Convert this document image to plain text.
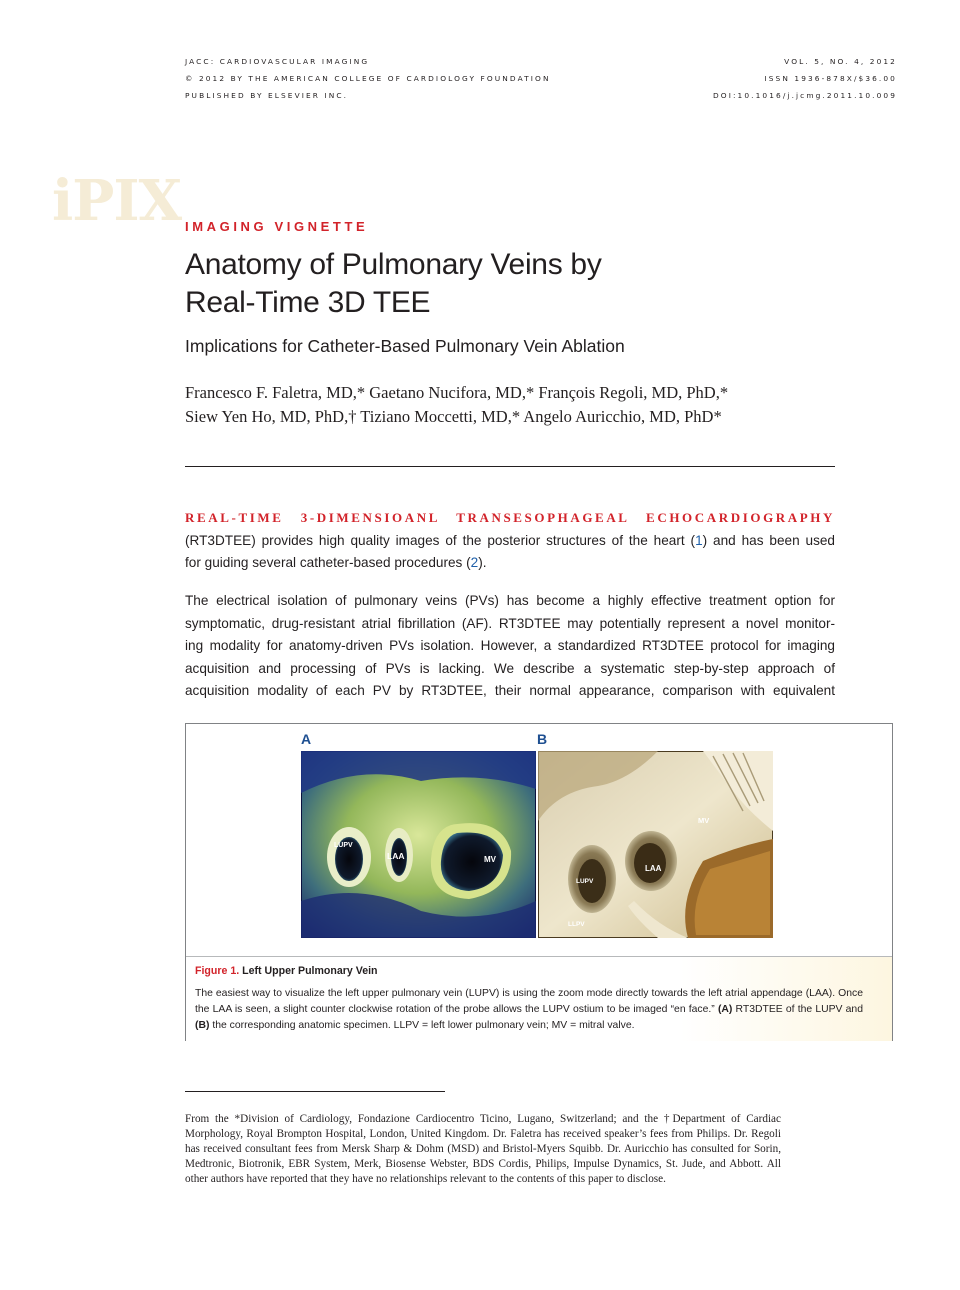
JACC: CARDIOVASCULAR IMAGING
© 2012 BY THE AMERICAN COLLEGE OF CARDIOLOGY FOUNDATION
PUBLISHED BY ELSEVIER INC.
VOL. 5, NO. 4, 2012
ISSN 1936-878X/$36.00
DOI:10.1016/j.jcmg.2011.10.009
iPIX IMAGING VIGNETTE
Anatomy of Pulmonary Veins by
Real-Time 3D TEE
Implications for Catheter-Based Pulmonary Vein Ablation
Francesco F. Faletra, MD,* Gaetano Nucifora, MD,* François Regoli, MD, PhD,*
Siew Yen Ho, MD, PhD,† Tiziano Moccetti, MD,* Angelo Auricchio, MD, PhD*
REAL-TIME 3-DIMENSIOANL TRANSESOPHAGEAL ECHOCARDIOGRAPHY
(RT3DTEE) provides high quality images of the posterior structures of the heart (1) and has been used
for guiding several catheter-based procedures (2).
The electrical isolation of pulmonary veins (PVs) has become a highly effective treatment option for
symptomatic, drug-resistant atrial fibrillation (AF). RT3DTEE may potentially represent a novel monitor-
ing modality for anatomy-driven PVs isolation. However, a standardized RT3DTEE protocol for imaging
acquisition and processing of PVs is lacking. We describe a systematic step-by-step approach of
acquisition modality of each PV by RT3DTEE, their normal appearance, comparison with equivalent
A	B
LUPV
LAA	MV
MV
LAA
LUPV
LLPV
Figure 1. Left Upper Pulmonary Vein
The easiest way to visualize the left upper pulmonary vein (LUPV) is using the zoom mode directly towards the left atrial appendage (LAA). Once the LAA is seen, a slight counter clockwise rotation of the probe allows the LUPV ostium to be imaged “en face.” (A) RT3DTEE of the LUPV and (B) the corresponding anatomic specimen. LLPV = left lower pulmonary vein; MV = mitral valve.
From the *Division of Cardiology, Fondazione Cardiocentro Ticino, Lugano, Switzerland; and the †Department of Cardiac Morphology, Royal Brompton Hospital, London, United Kingdom. Dr. Faletra has received speaker’s fees from Philips. Dr. Regoli has received consultant fees from Mersk Sharp & Dohm (MSD) and Bristol-Myers Squibb. Dr. Auricchio has consulted for Sorin, Medtronic, Biotronik, EBR System, Merk, Biosense Webster, BDS Cordis, Philips, Impulse Dynamics, St. Jude, and Abbott. All other authors have reported that they have no relationships relevant to the contents of this paper to disclose.
